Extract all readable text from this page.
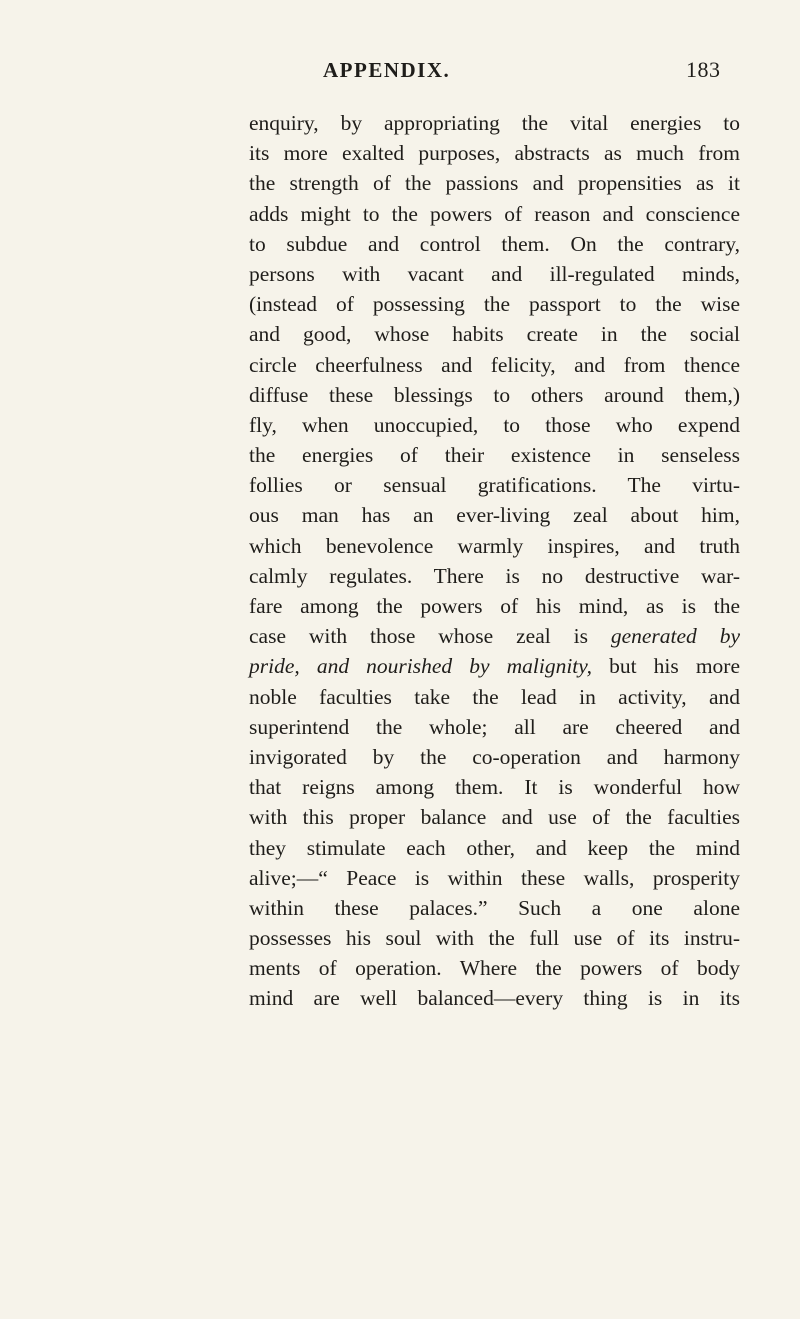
APPENDIX.	183
enquiry, by appropriating the vital energies to
its more exalted purposes, abstracts as much from
the strength of the passions and propensities as it
adds might to the powers of reason and conscience
to subdue and control them. On the contrary,
persons with vacant and ill-regulated minds,
(instead of possessing the passport to the wise
and good, whose habits create in the social
circle cheerfulness and felicity, and from thence
diffuse these blessings to others around them,)
fly, when unoccupied, to those who expend
the energies of their existence in senseless
follies or sensual gratifications. The virtu-
ous man has an ever-living zeal about him,
which benevolence warmly inspires, and truth
calmly regulates. There is no destructive war-
fare among the powers of his mind, as is the
case with those whose zeal is generated by
pride, and nourished by malignity, but his more
noble faculties take the lead in activity, and
superintend the whole; all are cheered and
invigorated by the co-operation and harmony
that reigns among them. It is wonderful how
with this proper balance and use of the faculties
they stimulate each other, and keep the mind
alive;—“ Peace is within these walls, prosperity
within these palaces.” Such a one alone
possesses his soul with the full use of its instru-
ments of operation. Where the powers of body
mind are well balanced—every thing is in its
